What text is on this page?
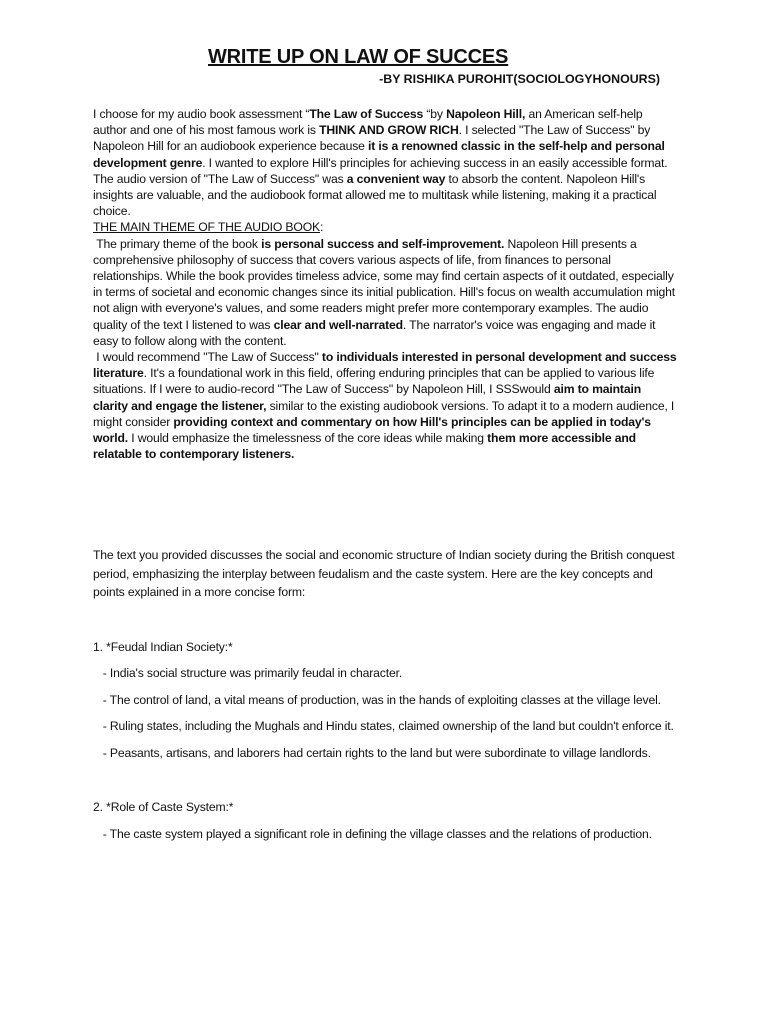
WRITE UP ON LAW OF SUCCES

-BY RISHIKA PUROHIT(SOCIOLOGYHONOURS)

I choose for my audio book assessment “The Law of Success “by Napoleon Hill, an American self-help author and one of his most famous work is THINK AND GROW RICH. I selected "The Law of Success" by Napoleon Hill for an audiobook experience because it is a renowned classic in the self-help and personal development genre. I wanted to explore Hill's principles for achieving success in an easily accessible format. The audio version of "The Law of Success" was a convenient way to absorb the content. Napoleon Hill's insights are valuable, and the audiobook format allowed me to multitask while listening, making it a practical choice.

THE MAIN THEME OF THE AUDIO BOOK:

The primary theme of the book is personal success and self-improvement. Napoleon Hill presents a comprehensive philosophy of success that covers various aspects of life, from finances to personal relationships. While the book provides timeless advice, some may find certain aspects of it outdated, especially in terms of societal and economic changes since its initial publication. Hill's focus on wealth accumulation might not align with everyone's values, and some readers might prefer more contemporary examples. The audio quality of the text I listened to was clear and well-narrated. The narrator's voice was engaging and made it easy to follow along with the content.

I would recommend "The Law of Success" to individuals interested in personal development and success literature. It's a foundational work in this field, offering enduring principles that can be applied to various life situations. If I were to audio-record "The Law of Success" by Napoleon Hill, I SSSwould aim to maintain clarity and engage the listener, similar to the existing audiobook versions. To adapt it to a modern audience, I might consider providing context and commentary on how Hill's principles can be applied in today's world. I would emphasize the timelessness of the core ideas while making them more accessible and relatable to contemporary listeners.

The text you provided discusses the social and economic structure of Indian society during the British conquest period, emphasizing the interplay between feudalism and the caste system. Here are the key concepts and points explained in a more concise form:

1. *Feudal Indian Society:*

- India's social structure was primarily feudal in character.

- The control of land, a vital means of production, was in the hands of exploiting classes at the village level.

- Ruling states, including the Mughals and Hindu states, claimed ownership of the land but couldn't enforce it.

- Peasants, artisans, and laborers had certain rights to the land but were subordinate to village landlords.

2. *Role of Caste System:*

- The caste system played a significant role in defining the village classes and the relations of production.
